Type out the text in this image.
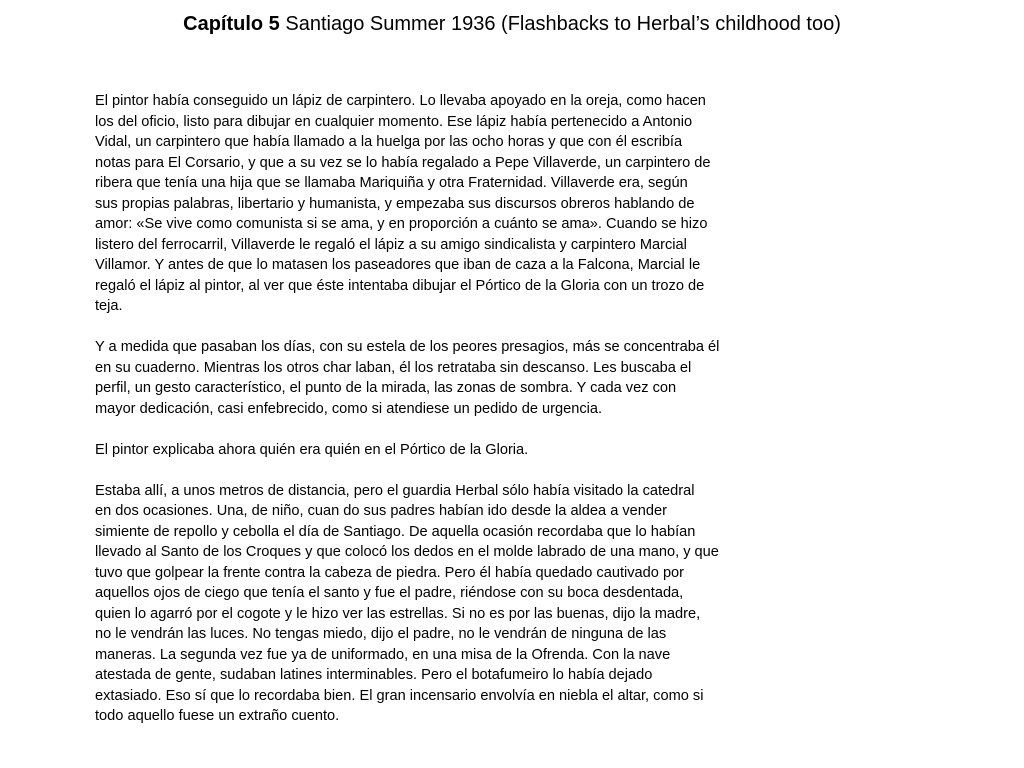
Capítulo 5 Santiago Summer 1936 (Flashbacks to Herbal’s childhood too)
El pintor había conseguido un lápiz de carpintero. Lo llevaba apoyado en la oreja, como hacen
los del oficio, listo para dibujar en cualquier momento. Ese lápiz había pertenecido a Antonio
Vidal, un carpintero que había llamado a la huelga por las ocho horas y que con él escribía
notas para El Corsario, y que a su vez se lo había regalado a Pepe Villaverde, un carpintero de
ribera que tenía una hija que se llamaba Mariquiña y otra Fraternidad. Villaverde era, según
sus propias palabras, libertario y humanista, y empezaba sus discursos obreros hablando de
amor: «Se vive como comunista si se ama, y en proporción a cuánto se ama». Cuando se hizo
listero del ferrocarril, Villaverde le regaló el lápiz a su amigo sindicalista y carpintero Marcial
Villamor. Y antes de que lo matasen los paseadores que iban de caza a la Falcona, Marcial le
regaló el lápiz al pintor, al ver que éste intentaba dibujar el Pórtico de la Gloria con un trozo de
teja.
Y a medida que pasaban los días, con su estela de los peores presagios, más se concentraba él
en su cuaderno. Mientras los otros char laban, él los retrataba sin descanso. Les buscaba el
perfil, un gesto característico, el punto de la mirada, las zonas de sombra. Y cada vez con
mayor dedicación, casi enfebrecido, como si atendiese un pedido de urgencia.
El pintor explicaba ahora quién era quién en el Pórtico de la Gloria.
Estaba allí, a unos metros de distancia, pero el guardia Herbal sólo había visitado la catedral
en dos ocasiones. Una, de niño, cuan do sus padres habían ido desde la aldea a vender
simiente de repollo y cebolla el día de Santiago. De aquella ocasión recordaba que lo habían
llevado al Santo de los Croques y que colocó los dedos en el molde labrado de una mano, y que
tuvo que golpear la frente contra la cabeza de piedra. Pero él había quedado cautivado por
aquellos ojos de ciego que tenía el santo y fue el padre, riéndose con su boca desdentada,
quien lo agarró por el cogote y le hizo ver las estrellas. Si no es por las buenas, dijo la madre,
no le vendrán las luces. No tengas miedo, dijo el padre, no le vendrán de ninguna de las
maneras. La segunda vez fue ya de uniformado, en una misa de la Ofrenda. Con la nave
atestada de gente, sudaban latines interminables. Pero el botafumeiro lo había dejado
extasiado. Eso sí que lo recordaba bien. El gran incensario envolvía en niebla el altar, como si
todo aquello fuese un extraño cuento.
